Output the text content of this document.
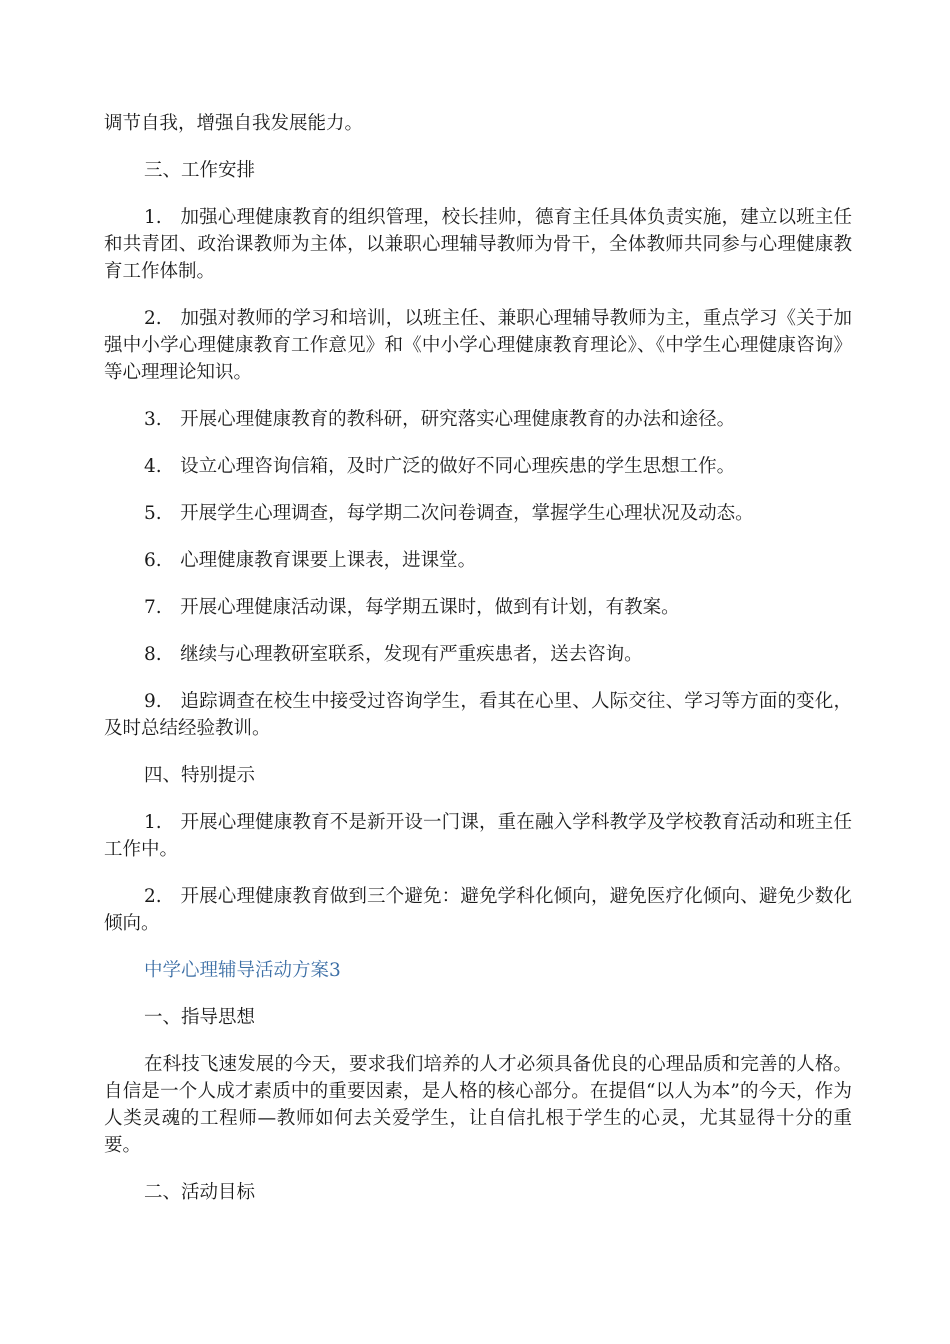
调节自我，增强自我发展能力。

三、工作安排

1.　加强心理健康教育的组织管理，校长挂帅，德育主任具体负责实施，建立以班主任和共青团、政治课教师为主体，以兼职心理辅导教师为骨干，全体教师共同参与心理健康教育工作体制。

2.　加强对教师的学习和培训，以班主任、兼职心理辅导教师为主，重点学习《关于加强中小学心理健康教育工作意见》和《中小学心理健康教育理论》、《中学生心理健康咨询》等心理理论知识。

3.　开展心理健康教育的教科研，研究落实心理健康教育的办法和途径。

4.　设立心理咨询信箱，及时广泛的做好不同心理疾患的学生思想工作。

5.　开展学生心理调查，每学期二次问卷调查，掌握学生心理状况及动态。

6.　心理健康教育课要上课表，进课堂。

7.　开展心理健康活动课，每学期五课时，做到有计划，有教案。

8.　继续与心理教研室联系，发现有严重疾患者，送去咨询。

9.　追踪调查在校生中接受过咨询学生，看其在心里、人际交往、学习等方面的变化，及时总结经验教训。

四、特别提示

1.　开展心理健康教育不是新开设一门课，重在融入学科教学及学校教育活动和班主任工作中。

2.　开展心理健康教育做到三个避免：避免学科化倾向，避免医疗化倾向、避免少数化倾向。

中学心理辅导活动方案3

一、指导思想

在科技飞速发展的今天，要求我们培养的人才必须具备优良的心理品质和完善的人格。自信是一个人成才素质中的重要因素，是人格的核心部分。在提倡“以人为本”的今天，作为人类灵魂的工程师—教师如何去关爱学生，让自信扎根于学生的心灵，尤其显得十分的重要。

二、活动目标
